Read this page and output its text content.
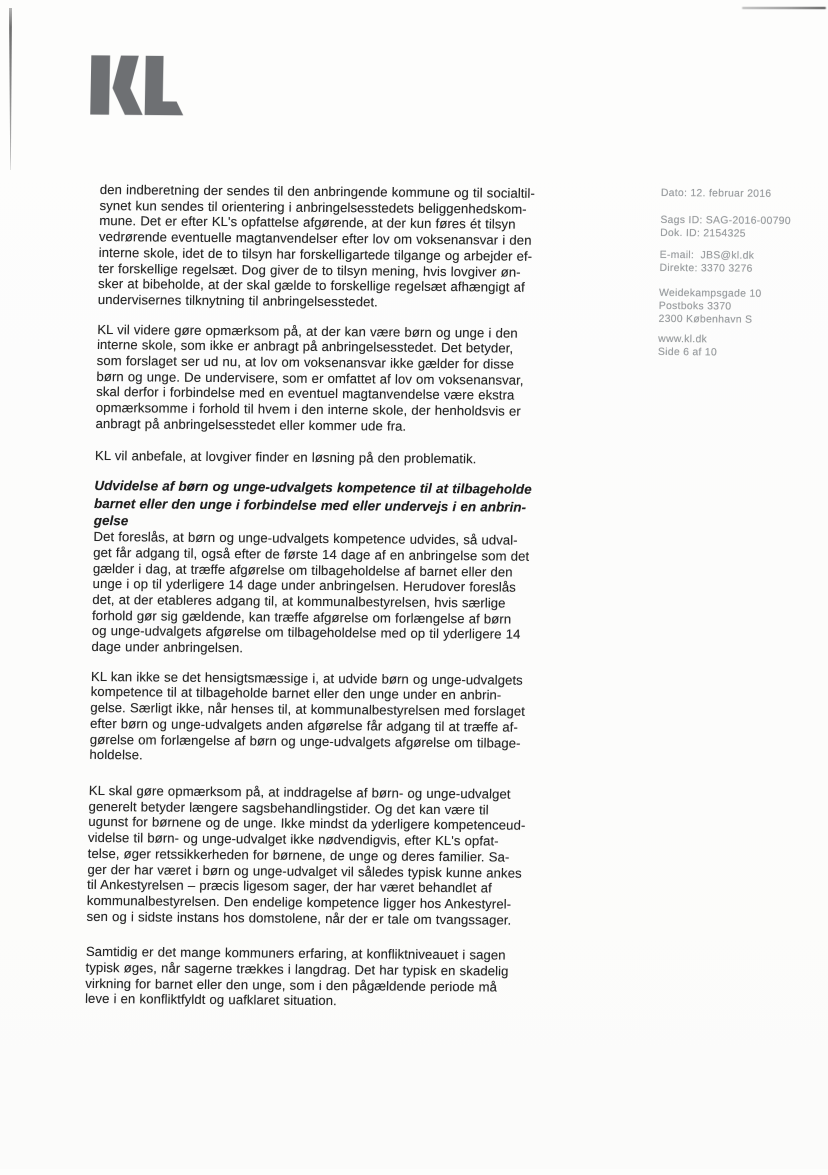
den indberetning der sendes til den anbringende kommune og til socialtil-
synet kun sendes til orientering i anbringelsesstedets beliggenhedskom-
mune. Det er efter KL's opfattelse afgørende, at der kun føres ét tilsyn
vedrørende eventuelle magtanvendelser efter lov om voksenansvar i den
interne skole, idet de to tilsyn har forskelligartede tilgange og arbejder ef-
ter forskellige regelsæt. Dog giver de to tilsyn mening, hvis lovgiver øn-
sker at bibeholde, at der skal gælde to forskellige regelsæt afhængigt af
undervisernes tilknytning til anbringelsesstedet.

KL vil videre gøre opmærksom på, at der kan være børn og unge i den
interne skole, som ikke er anbragt på anbringelsesstedet. Det betyder,
som forslaget ser ud nu, at lov om voksenansvar ikke gælder for disse
børn og unge. De undervisere, som er omfattet af lov om voksenansvar,
skal derfor i forbindelse med en eventuel magtanvendelse være ekstra
opmærksomme i forhold til hvem i den interne skole, der henholdsvis er
anbragt på anbringelsesstedet eller kommer ude fra.

KL vil anbefale, at lovgiver finder en løsning på den problematik.

Udvidelse af børn og unge-udvalgets kompetence til at tilbageholde
barnet eller den unge i forbindelse med eller undervejs i en anbrin-
gelse

Det foreslås, at børn og unge-udvalgets kompetence udvides, så udval-
get får adgang til, også efter de første 14 dage af en anbringelse som det
gælder i dag, at træffe afgørelse om tilbageholdelse af barnet eller den
unge i op til yderligere 14 dage under anbringelsen. Herudover foreslås
det, at der etableres adgang til, at kommunalbestyrelsen, hvis særlige
forhold gør sig gældende, kan træffe afgørelse om forlængelse af børn
og unge-udvalgets afgørelse om tilbageholdelse med op til yderligere 14
dage under anbringelsen.

KL kan ikke se det hensigtsmæssige i, at udvide børn og unge-udvalgets
kompetence til at tilbageholde barnet eller den unge under en anbrin-
gelse. Særligt ikke, når henses til, at kommunalbestyrelsen med forslaget
efter børn og unge-udvalgets anden afgørelse får adgang til at træffe af-
gørelse om forlængelse af børn og unge-udvalgets afgørelse om tilbage-
holdelse.

KL skal gøre opmærksom på, at inddragelse af børn- og unge-udvalget
generelt betyder længere sagsbehandlingstider. Og det kan være til
ugunst for børnene og de unge. Ikke mindst da yderligere kompetenceud-
videlse til børn- og unge-udvalget ikke nødvendigvis, efter KL's opfat-
telse, øger retssikkerheden for børnene, de unge og deres familier. Sa-
ger der har været i børn og unge-udvalget vil således typisk kunne ankes
til Ankestyrelsen – præcis ligesom sager, der har været behandlet af
kommunalbestyrelsen. Den endelige kompetence ligger hos Ankestyrel-
sen og i sidste instans hos domstolene, når der er tale om tvangssager.

Samtidig er det mange kommuners erfaring, at konfliktniveauet i sagen
typisk øges, når sagerne trækkes i langdrag. Det har typisk en skadelig
virkning for barnet eller den unge, som i den pågældende periode må
leve i en konfliktfyldt og uafklaret situation.

Dato: 12. februar 2016
Sags ID: SAG-2016-00790
Dok. ID: 2154325
E-mail:  JBS@kl.dk
Direkte: 3370 3276
Weidekampsgade 10
Postboks 3370
2300 København S
www.kl.dk
Side 6 af 10
